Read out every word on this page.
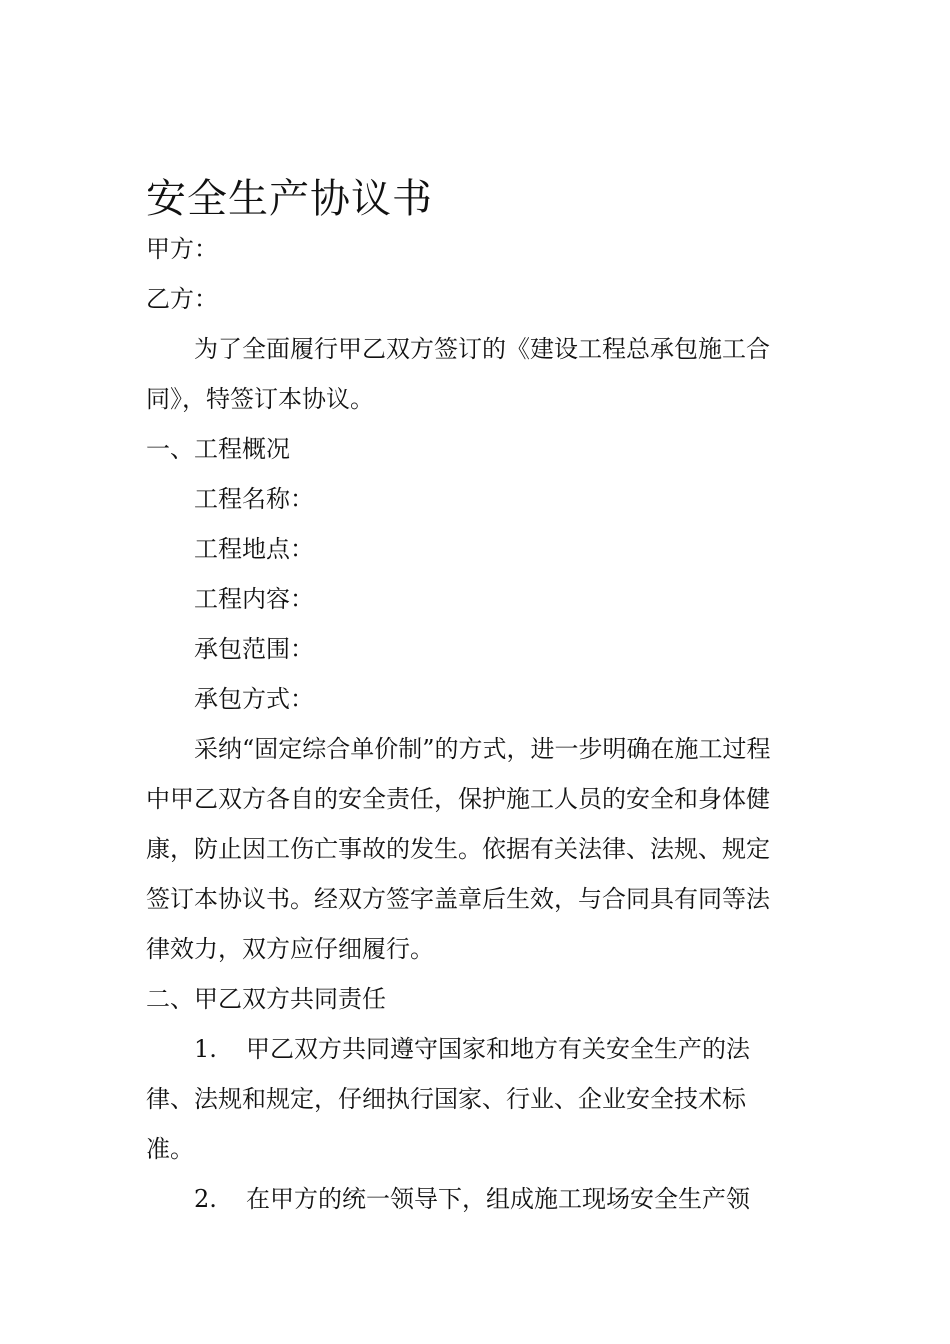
安全生产协议书

甲方：

乙方：

为了全面履行甲乙双方签订的《建设工程总承包施工合同》，特签订本协议。

一、工程概况

工程名称：

工程地点：

工程内容：

承包范围：

承包方式：

采纳“固定综合单价制”的方式，进一步明确在施工过程中甲乙双方各自的安全责任，保护施工人员的安全和身体健康，防止因工伤亡事故的发生。依据有关法律、法规、规定签订本协议书。经双方签字盖章后生效，与合同具有同等法律效力，双方应仔细履行。

二、甲乙双方共同责任

1. 甲乙双方共同遵守国家和地方有关安全生产的法律、法规和规定，仔细执行国家、行业、企业安全技术标准。

2. 在甲方的统一领导下，组成施工现场安全生产领
